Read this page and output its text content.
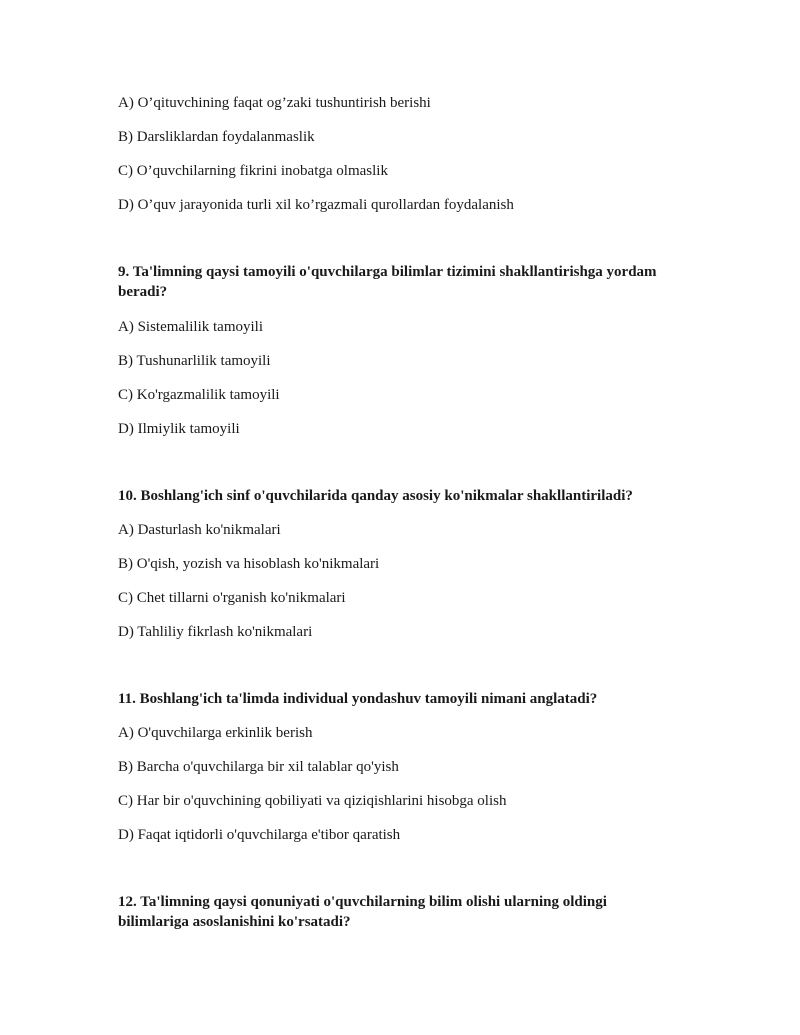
A) O’qituvchining faqat og’zaki tushuntirish berishi
B) Darsliklardan foydalanmaslik
C) O’quvchilarning fikrini inobatga olmaslik
D) O’quv jarayonida turli xil ko’rgazmali qurollardan foydalanish
9. Ta'limning qaysi tamoyili o'quvchilarga bilimlar tizimini shakllantirishga yordam beradi?
A) Sistemalilik tamoyili
B) Tushunarlilik tamoyili
C) Ko'rgazmalilik tamoyili
D) Ilmiylik tamoyili
10. Boshlang'ich sinf o'quvchilarida qanday asosiy ko'nikmalar shakllantiriladi?
A) Dasturlash ko'nikmalari
B) O'qish, yozish va hisoblash ko'nikmalari
C) Chet tillarni o'rganish ko'nikmalari
D) Tahliliy fikrlash ko'nikmalari
11. Boshlang'ich ta'limda individual yondashuv tamoyili nimani anglatadi?
A) O'quvchilarga erkinlik berish
B) Barcha o'quvchilarga bir xil talablar qo'yish
C) Har bir o'quvchining qobiliyati va qiziqishlarini hisobga olish
D) Faqat iqtidorli o'quvchilarga e'tibor qaratish
12. Ta'limning qaysi qonuniyati o'quvchilarning bilim olishi ularning oldingi bilimlariga asoslanishini ko'rsatadi?
